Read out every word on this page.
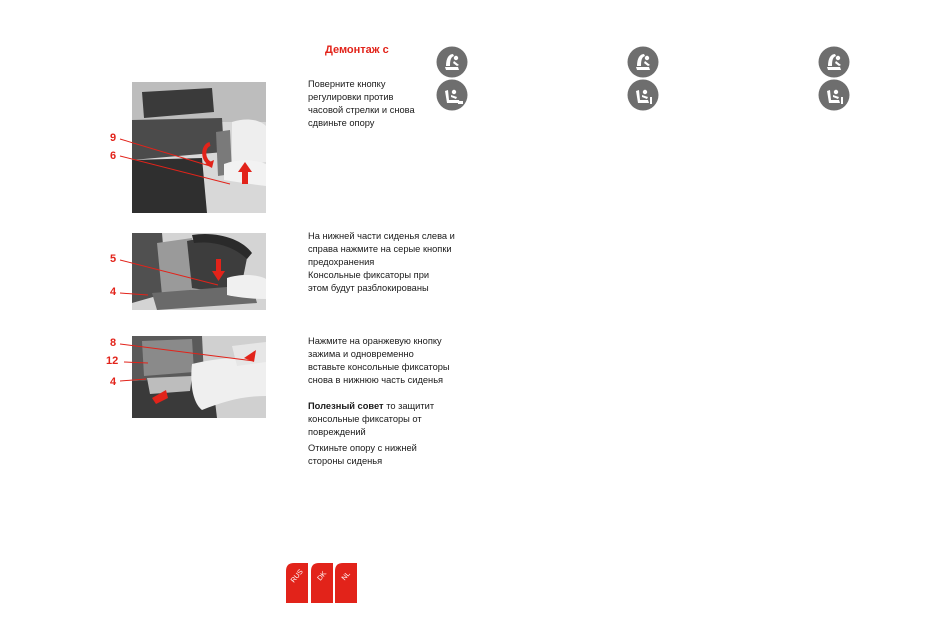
Демонтаж с
9
6
5
4
8
12
4
Поверните кнопку
регулировки против
часовой стрелки и снова
сдвиньте опору
На нижней части сиденья слева и
справа нажмите на серые кнопки
предохранения
Консольные фиксаторы при
этом будут разблокированы
Нажмите на оранжевую кнопку
зажима и одновременно
вставьте консольные фиксаторы
снова в нижнюю часть сиденья
Полезный совет то защитит
консольные фиксаторы от
повреждений
Откиньте опору с нижней
стороны сиденья
RUS DK NL
